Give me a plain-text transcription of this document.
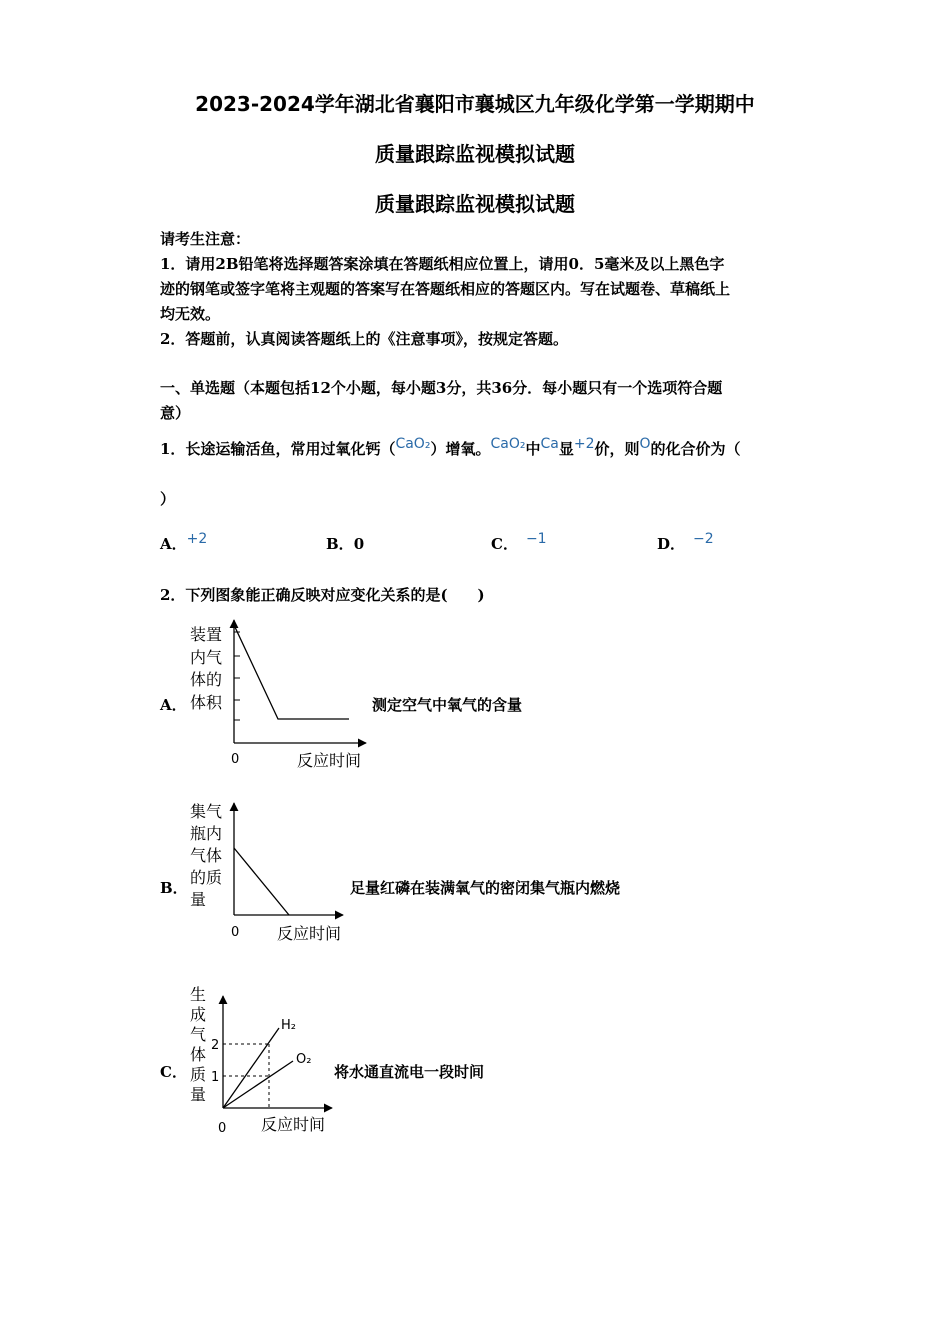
2023-2024学年湖北省襄阳市襄城区九年级化学第一学期期中
质量跟踪监视模拟试题
质量跟踪监视模拟试题
请考生注意：
1．请用2B铅笔将选择题答案涂填在答题纸相应位置上，请用0．5毫米及以上黑色字
迹的钢笔或签字笔将主观题的答案写在答题纸相应的答题区内。写在试题卷、草稿纸上
均无效。
2．答题前，认真阅读答题纸上的《注意事项》，按规定答题。
一、单选题（本题包括12个小题，每小题3分，共36分．每小题只有一个选项符合题
意）
1．长途运输活鱼，常用过氧化钙（CaO₂）增氧。CaO₂中Ca显+2价，则O的化合价为（
）
A．+2	B．0	C． −1	D． −2
2．下列图象能正确反映对应变化关系的是(　　)
A．
装置
内气
体的
体积
0	反应时间
测定空气中氧气的含量
B．
集气
瓶内
气体
的质
量
0 反应时间
足量红磷在装满氧气的密闭集气瓶内燃烧
C．
生
成
气
体
质
量
2
1
H₂
O₂
0 反应时间
将水通直流电一段时间
